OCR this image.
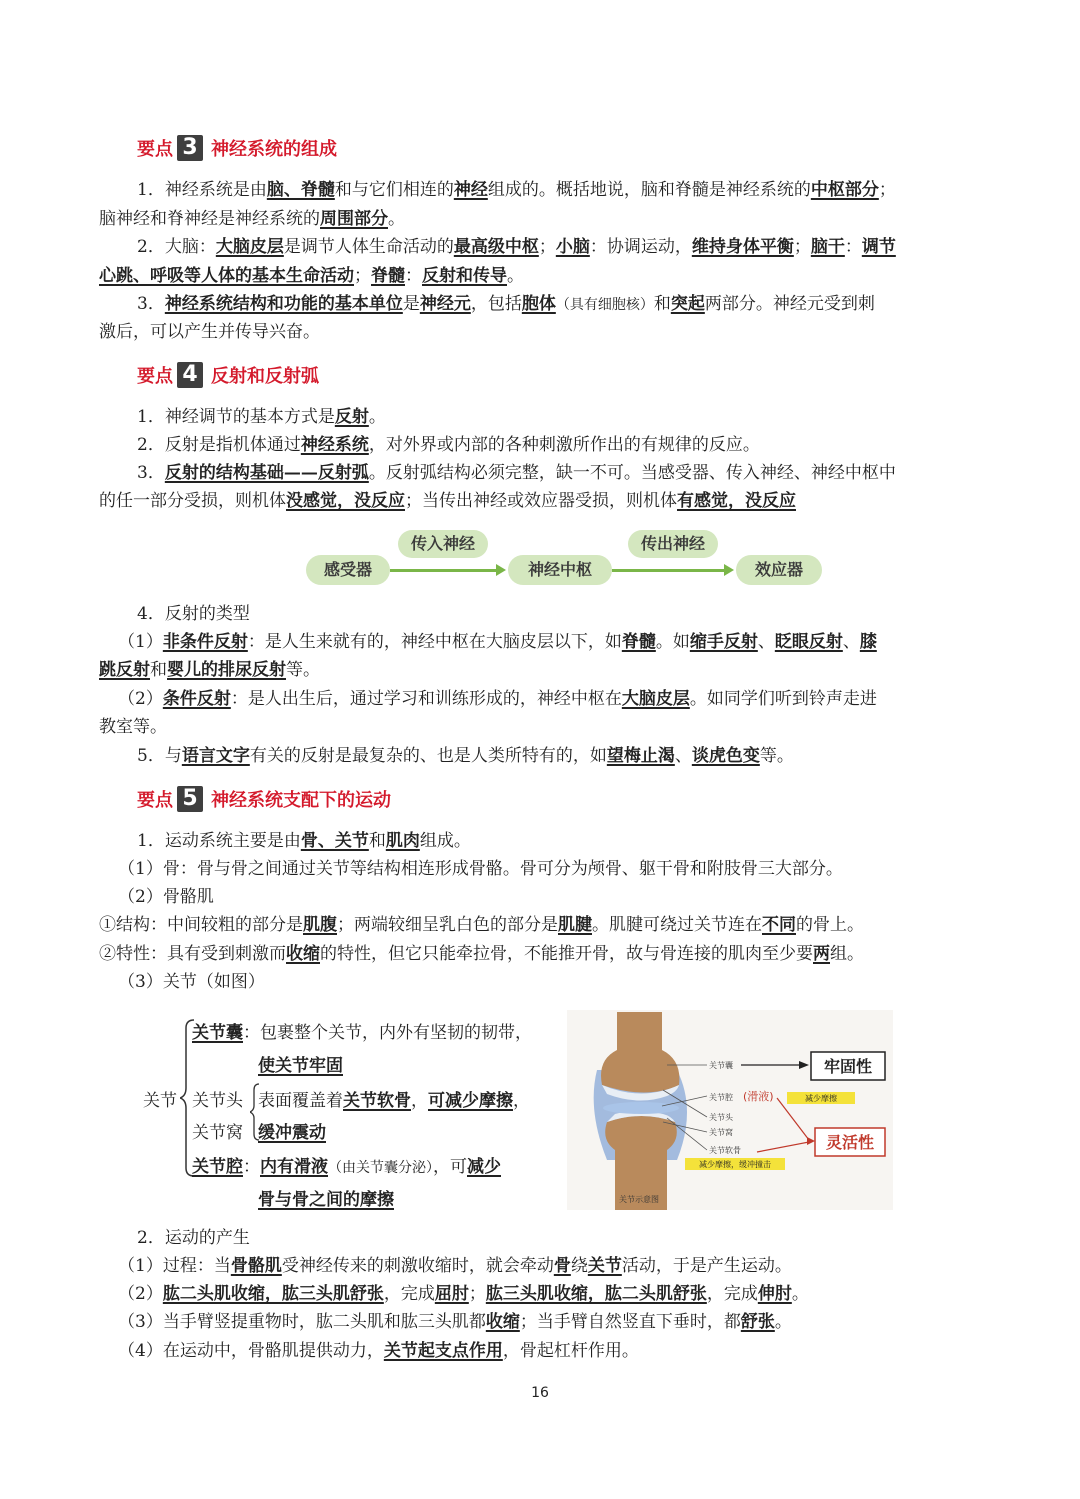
要点 3 神经系统的组成
1．神经系统是由脑、脊髓和与它们相连的神经组成的。概括地说，脑和脊髓是神经系统的中枢部分；
脑神经和脊神经是神经系统的周围部分。
2．大脑：大脑皮层是调节人体生命活动的最高级中枢；小脑：协调运动，维持身体平衡；脑干：调节
心跳、呼吸等人体的基本生命活动；脊髓：反射和传导。
3．神经系统结构和功能的基本单位是神经元，包括胞体（具有细胞核）和突起两部分。神经元受到刺
激后，可以产生并传导兴奋。
要点 4 反射和反射弧
1．神经调节的基本方式是反射。
2．反射是指机体通过神经系统，对外界或内部的各种刺激所作出的有规律的反应。
3．反射的结构基础——反射弧。反射弧结构必须完整，缺一不可。当感受器、传入神经、神经中枢中
的任一部分受损，则机体没感觉，没反应；当传出神经或效应器受损，则机体有感觉，没反应
感受器
传入神经
神经中枢
传出神经
效应器
4．反射的类型
（1）非条件反射：是人生来就有的，神经中枢在大脑皮层以下，如脊髓。如缩手反射、眨眼反射、膝
跳反射和婴儿的排尿反射等。
（2）条件反射：是人出生后，通过学习和训练形成的，神经中枢在大脑皮层。如同学们听到铃声走进
教室等。
5．与语言文字有关的反射是最复杂的、也是人类所特有的，如望梅止渴、谈虎色变等。
要点 5 神经系统支配下的运动
1．运动系统主要是由骨、关节和肌肉组成。
（1）骨：骨与骨之间通过关节等结构相连形成骨骼。骨可分为颅骨、躯干骨和附肢骨三大部分。
（2）骨骼肌
①结构：中间较粗的部分是肌腹；两端较细呈乳白色的部分是肌腱。肌腱可绕过关节连在不同的骨上。
②特性：具有受到刺激而收缩的特性，但它只能牵拉骨，不能推开骨，故与骨连接的肌肉至少要两组。
（3）关节（如图）
关节
关节囊：包裹整个关节，内外有坚韧的韧带，
使关节牢固
关节头
关节窝
表面覆盖着关节软骨，可减少摩擦，
缓冲震动
关节腔：内有滑液（由关节囊分泌），可减少
骨与骨之间的摩擦
关节囊
关节腔 (滑液)
关节头
关节窝
关节软骨
牢固性
减少摩擦
灵活性
减少摩擦，缓冲撞击
关节示意图
2．运动的产生
（1）过程：当骨骼肌受神经传来的刺激收缩时，就会牵动骨绕关节活动，于是产生运动。
（2）肱二头肌收缩，肱三头肌舒张，完成屈肘；肱三头肌收缩，肱二头肌舒张，完成伸肘。
（3）当手臂竖提重物时，肱二头肌和肱三头肌都收缩；当手臂自然竖直下垂时，都舒张。
（4）在运动中，骨骼肌提供动力，关节起支点作用，骨起杠杆作用。
16
